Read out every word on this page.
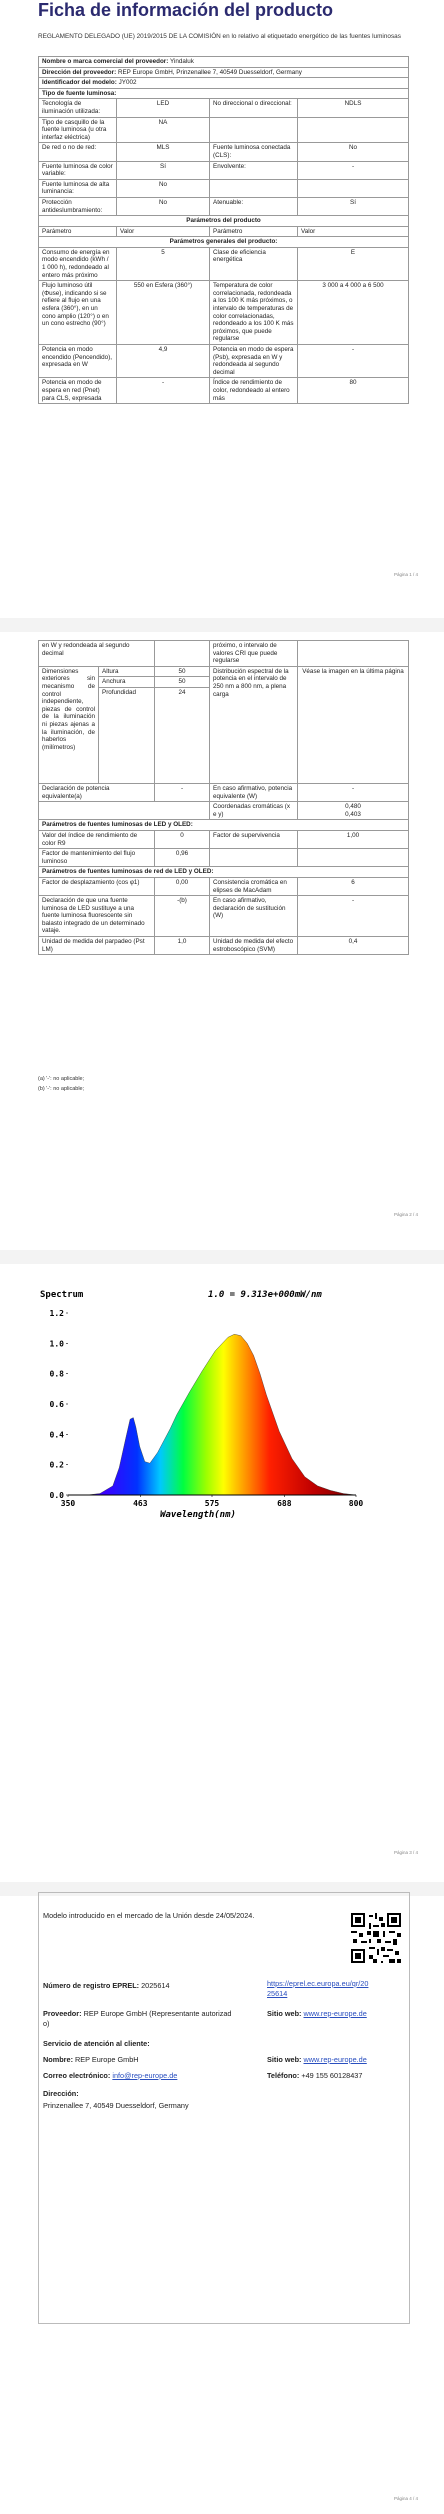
Ficha de información del producto
REGLAMENTO DELEGADO (UE) 2019/2015 DE LA COMISIÓN en lo relativo al etiquetado energético de las fuentes luminosas
Nombre o marca comercial del proveedor: Yindaluk			
Dirección del proveedor: REP Europe GmbH, Prinzenallee 7, 40549 Duesseldorf, Germany			
Identificador del modelo: JY002			
Tipo de fuente luminosa:			
Tecnología de iluminación utilizada:	LED	No direccional o direccional:	NDLS
Tipo de casquillo de la fuente luminosa (u otra interfaz eléctrica)	NA		
De red o no de red:	MLS	Fuente luminosa conectada (CLS):	No
Fuente luminosa de color variable:	Sí	Envolvente:	-
Fuente luminosa de alta luminancia:	No		
Protección antideslumbramiento:	No	Atenuable:	Sí
Parámetros del producto			
Parámetro	Valor	Parámetro	Valor
Parámetros generales del producto:			
Consumo de energía en modo encendido (kWh / 1 000 h), redondeado al entero más próximo	5	Clase de eficiencia energética	E
Flujo luminoso útil (Φuse), indicando si se refiere al flujo en una esfera (360°), en un cono amplio (120°) o en un cono estrecho (90°)	550 en Esfera (360°)	Temperatura de color correlacionada, redondeada a los 100 K más próximos, o intervalo de temperaturas de color correlacionadas, redondeado a los 100 K más próximos, que puede regularse	3 000 a 4 000 a 6 500
Potencia en modo encendido (Pencendido), expresada en W	4,9	Potencia en modo de espera (Psb), expresada en W y redondeada al segundo decimal	-
Potencia en modo de espera en red (Pnet) para CLS, expresada	-	Índice de rendimiento de color, redondeado al entero más	80
Página 1 / 4
en W y redondeada al segundo decimal			próximo, o intervalo de valores CRI que puede regularse	
Dimensiones exteriores sin mecanismo de control independiente, piezas de control de la iluminación ni piezas ajenas a la iluminación, de haberlos (milímetros)	Altura	50	Distribución espectral de la potencia en el intervalo de 250 nm a 800 nm, a plena carga	Véase la imagen en la última página
	Anchura	50		
	Profundidad	24		
Declaración de potencia equivalente(a)		-	En caso afirmativo, potencia equivalente (W)	-
			Coordenadas cromáticas (x e y)	0,480
0,403
Parámetros de fuentes luminosas de LED y OLED:				
Valor del índice de rendimiento de color R9		0	Factor de supervivencia	1,00
Factor de mantenimiento del flujo luminoso		0,96		
Parámetros de fuentes luminosas de red de LED y OLED:				
Factor de desplazamiento (cos φ1)		0,00	Consistencia cromática en elipses de MacAdam	6
Declaración de que una fuente luminosa de LED sustituye a una fuente luminosa fluorescente sin balasto integrado de un determinado vataje.		-(b)	En caso afirmativo, declaración de sustitución (W)	-
Unidad de medida del parpadeo (Pst LM)		1,0	Unidad de medida del efecto estroboscópico (SVM)	0,4
(a) '-': no aplicable;
(b) '-': no aplicable;
Página 2 / 4
Página 3 / 4
Spectrum	1.0 = 9.313e+000mW/nm
0.0
0.2
0.4
0.6
0.8
1.0
1.2
350	463	575	688	800
Wavelength(nm)
Página 4 / 4
Modelo introducido en el mercado de la Unión desde 24/05/2024.
Número de registro EPREL: 2025614	https://eprel.ec.europa.eu/qr/20
25614
Proveedor: REP Europe GmbH (Representante autorizad
o)
Sitio web: www.rep-europe.de
Servicio de atención al cliente:
Nombre: REP Europe GmbH	Sitio web: www.rep-europe.de
Correo electrónico: info@rep-europe.de	Teléfono: +49 155 60128437
Dirección:
Prinzenallee 7, 40549 Duesseldorf, Germany
